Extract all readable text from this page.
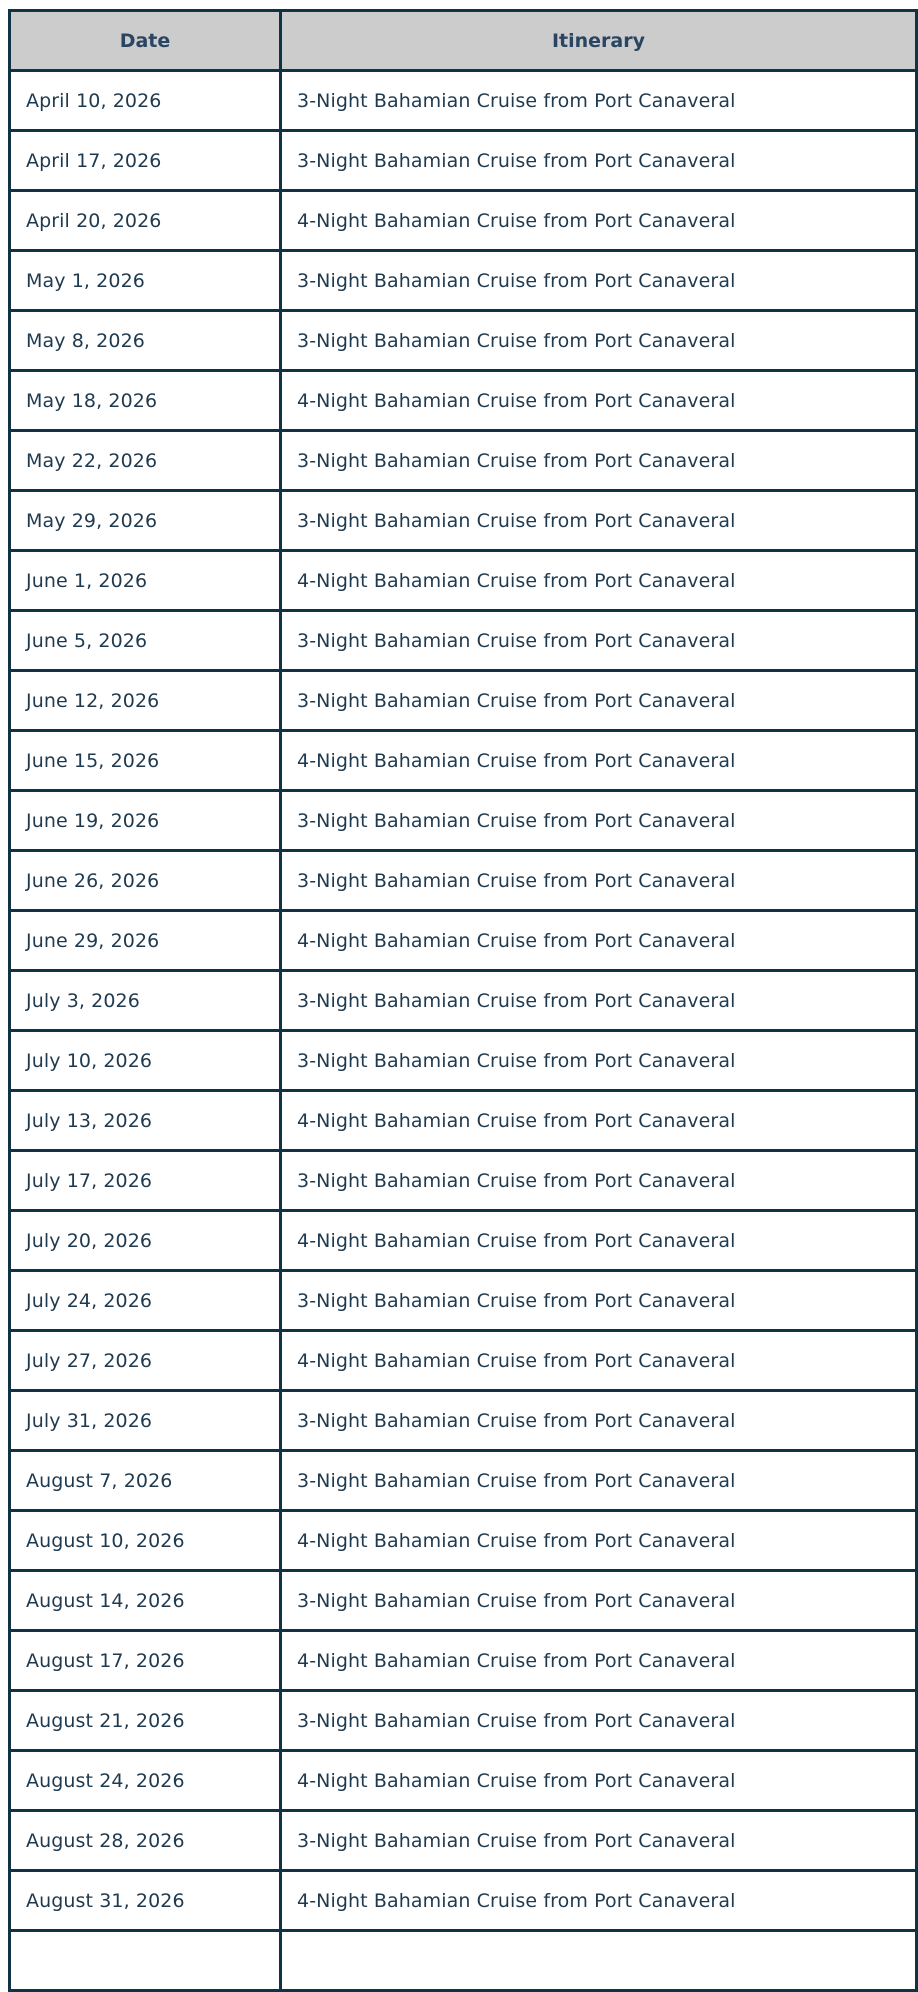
Date	Itinerary
April 10, 2026	3-Night Bahamian Cruise from Port Canaveral
April 17, 2026	3-Night Bahamian Cruise from Port Canaveral
April 20, 2026	4-Night Bahamian Cruise from Port Canaveral
May 1, 2026	3-Night Bahamian Cruise from Port Canaveral
May 8, 2026	3-Night Bahamian Cruise from Port Canaveral
May 18, 2026	4-Night Bahamian Cruise from Port Canaveral
May 22, 2026	3-Night Bahamian Cruise from Port Canaveral
May 29, 2026	3-Night Bahamian Cruise from Port Canaveral
June 1, 2026	4-Night Bahamian Cruise from Port Canaveral
June 5, 2026	3-Night Bahamian Cruise from Port Canaveral
June 12, 2026	3-Night Bahamian Cruise from Port Canaveral
June 15, 2026	4-Night Bahamian Cruise from Port Canaveral
June 19, 2026	3-Night Bahamian Cruise from Port Canaveral
June 26, 2026	3-Night Bahamian Cruise from Port Canaveral
June 29, 2026	4-Night Bahamian Cruise from Port Canaveral
July 3, 2026	3-Night Bahamian Cruise from Port Canaveral
July 10, 2026	3-Night Bahamian Cruise from Port Canaveral
July 13, 2026	4-Night Bahamian Cruise from Port Canaveral
July 17, 2026	3-Night Bahamian Cruise from Port Canaveral
July 20, 2026	4-Night Bahamian Cruise from Port Canaveral
July 24, 2026	3-Night Bahamian Cruise from Port Canaveral
July 27, 2026	4-Night Bahamian Cruise from Port Canaveral
July 31, 2026	3-Night Bahamian Cruise from Port Canaveral
August 7, 2026	3-Night Bahamian Cruise from Port Canaveral
August 10, 2026	4-Night Bahamian Cruise from Port Canaveral
August 14, 2026	3-Night Bahamian Cruise from Port Canaveral
August 17, 2026	4-Night Bahamian Cruise from Port Canaveral
August 21, 2026	3-Night Bahamian Cruise from Port Canaveral
August 24, 2026	4-Night Bahamian Cruise from Port Canaveral
August 28, 2026	3-Night Bahamian Cruise from Port Canaveral
August 31, 2026	4-Night Bahamian Cruise from Port Canaveral
